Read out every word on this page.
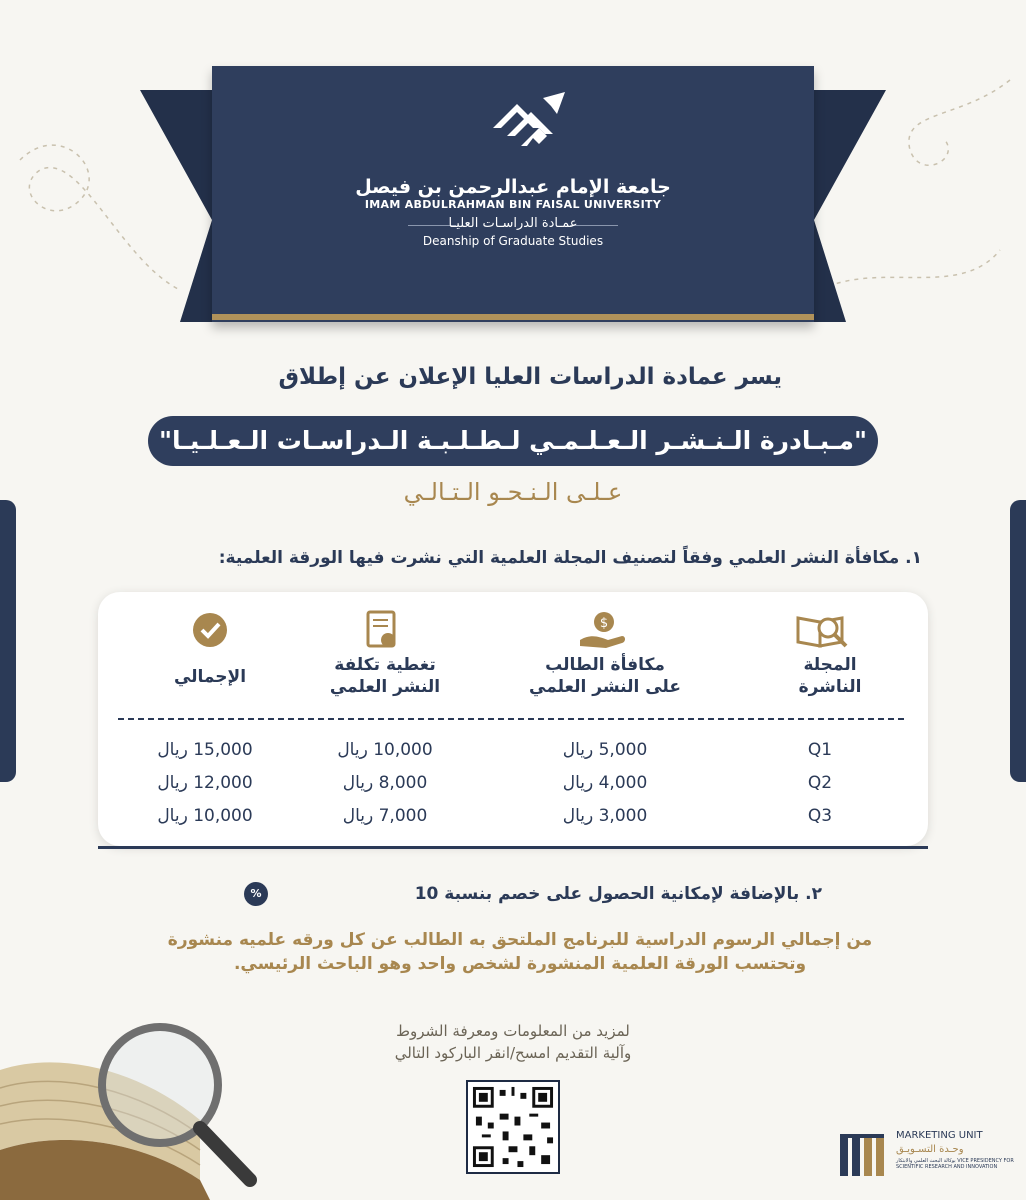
جامعة الإمام عبدالرحمن بن فيصل
IMAM ABDULRAHMAN BIN FAISAL UNIVERSITY
عمـادة الدراسـات العليـا
Deanship of Graduate Studies
يسر عمادة الدراسات العليا الإعلان عن إطلاق
"مـبـادرة الـنـشـر الـعـلـمـي لـطـلـبـة الـدراسـات الـعـلـيـا"
عـلـى الـنـحـو الـتـالـي
١. مكافأة النشر العلمي وفقاً لتصنيف المجلة العلمية التي نشرت فيها الورقة العلمية:
$
المجلة
الناشرة
مكافأة الطالب
على النشر العلمي
تغطية تكلفة
النشر العلمي
الإجمالي
Q1
5,000 ريال
10,000 ريال
15,000 ريال
Q2
4,000 ريال
8,000 ريال
12,000 ريال
Q3
3,000 ريال
7,000 ريال
10,000 ريال
٢. بالإضافة لإمكانية الحصول على خصم بنسبة 10
%
من إجمالي الرسوم الدراسية للبرنامج الملتحق به الطالب عن كل ورقه علميه منشورة وتحتسب الورقة العلمية المنشورة لشخص واحد وهو الباحث الرئيسي.
لمزيد من المعلومات ومعرفة الشروط
وآلية التقديم امسح/انقر الباركود التالي
MARKETING UNIT
وحـدة التسـويـق
بوكالة البحث العلمي والابتكار VICE PRESIDENCY FOR SCIENTIFIC RESEARCH AND INNOVATION
